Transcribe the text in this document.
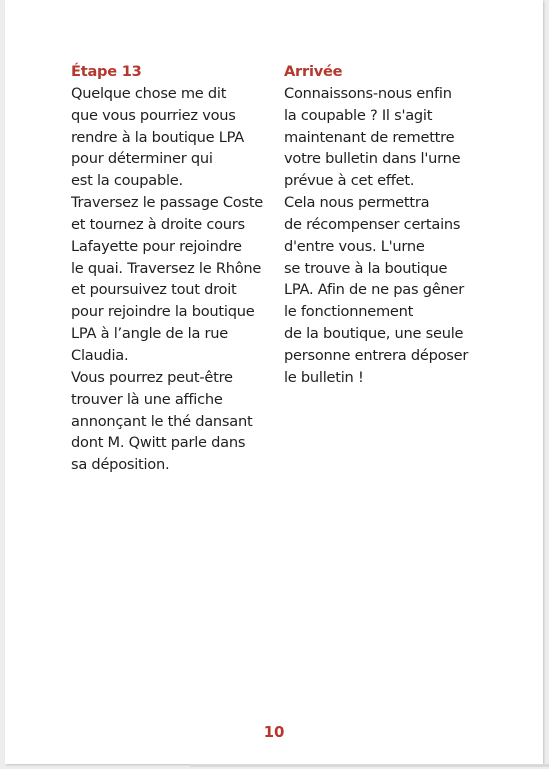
Étape 13
Quelque chose me dit
que vous pourriez vous
rendre à la boutique LPA
pour déterminer qui
est la coupable.
Traversez le passage Coste
et tournez à droite cours
Lafayette pour rejoindre
le quai. Traversez le Rhône
et poursuivez tout droit
pour rejoindre la boutique
LPA à l’angle de la rue
Claudia.
Vous pourrez peut-être
trouver là une affiche
annonçant le thé dansant
dont M. Qwitt parle dans
sa déposition.
Arrivée
Connaissons-nous enfin
la coupable ? Il s'agit
maintenant de remettre
votre bulletin dans l'urne
prévue à cet effet.
Cela nous permettra
de récompenser certains
d'entre vous. L'urne
se trouve à la boutique
LPA. Afin de ne pas gêner
le fonctionnement
de la boutique, une seule
personne entrera déposer
le bulletin !
10
